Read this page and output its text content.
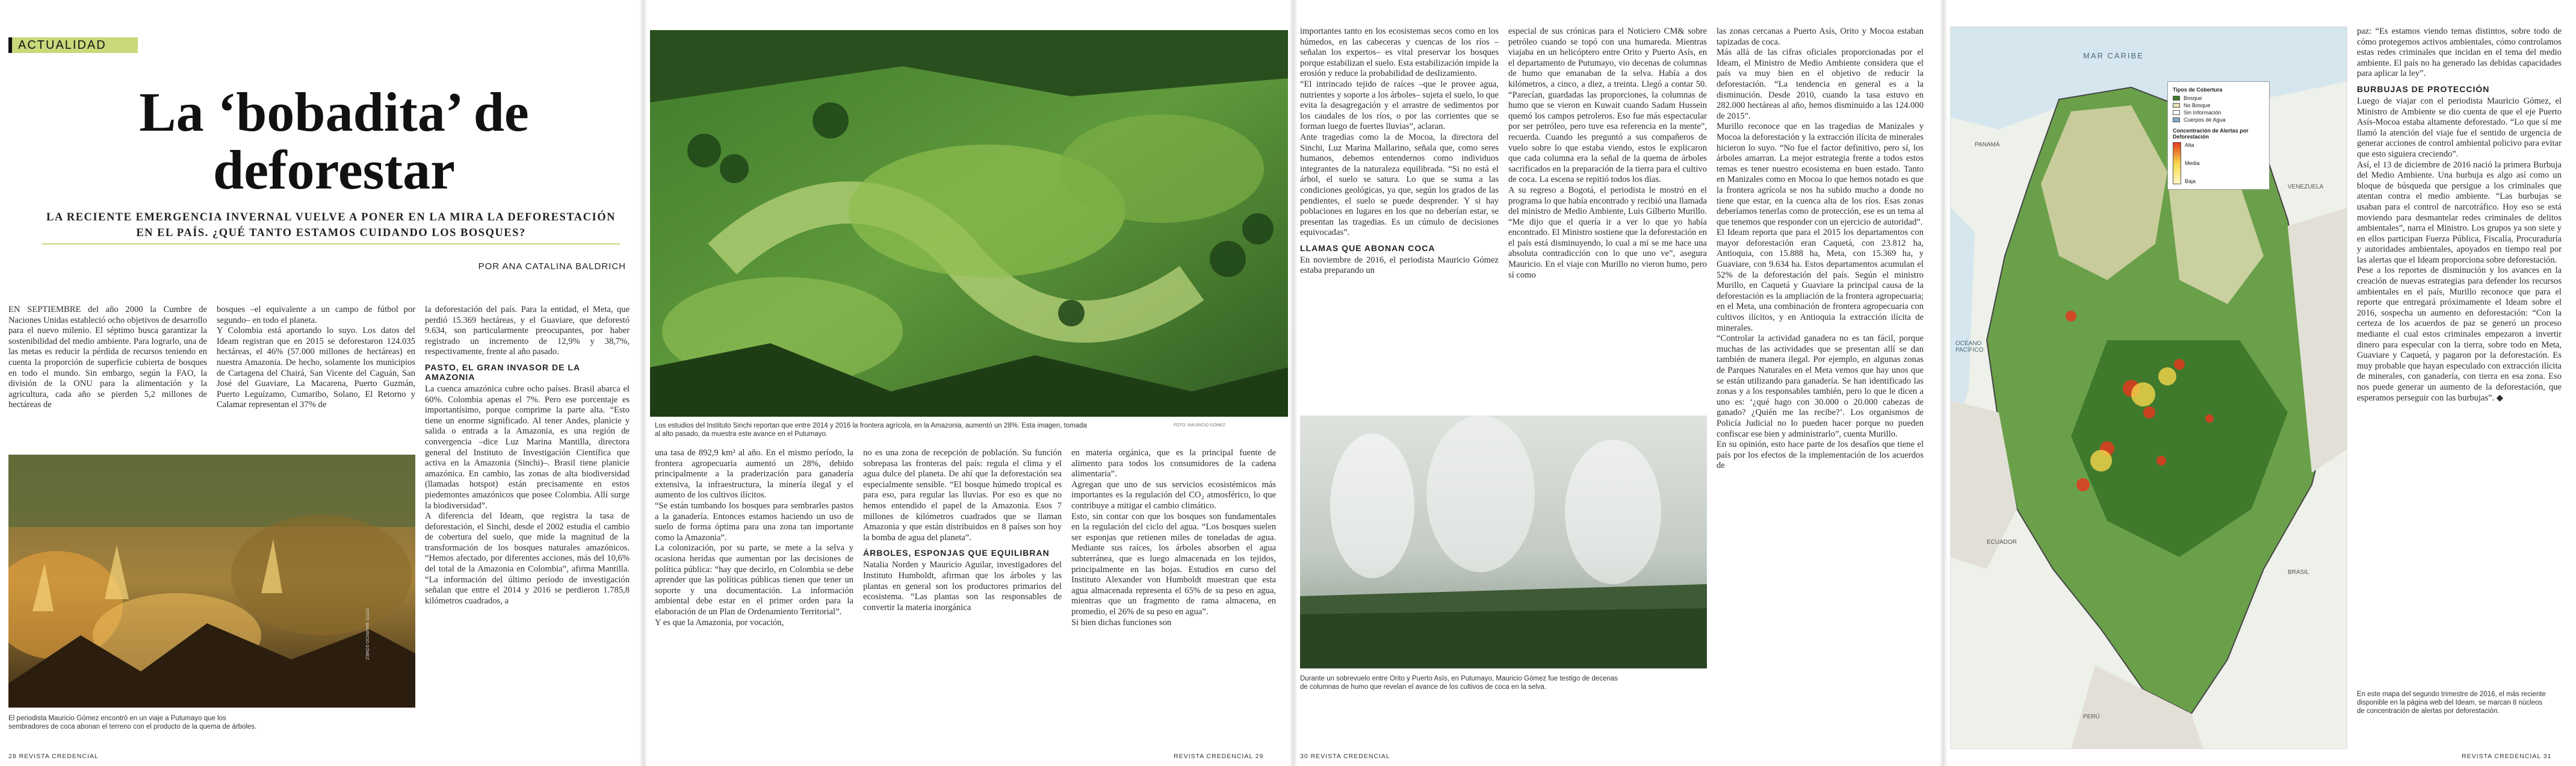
ACTUALIDAD
La ‘bobadita’ de deforestar
LA RECIENTE EMERGENCIA INVERNAL VUELVE A PONER EN LA MIRA LA DEFORESTACIÓN EN EL PAÍS. ¿QUÉ TANTO ESTAMOS CUIDANDO LOS BOSQUES?
POR ANA CATALINA BALDRICH
EN SEPTIEMBRE del año 2000 la Cumbre de Naciones Unidas estableció ocho objetivos de desarrollo para el nuevo milenio. El séptimo busca garantizar la sostenibilidad del medio ambiente. Para lograrlo, una de las metas es reducir la pérdida de recursos teniendo en cuenta la proporción de superficie cubierta de bosques en todo el mundo. Sin embargo, según la FAO, la división de la ONU para la alimentación y la agricultura, cada año se pierden 5,2 millones de hectáreas de
bosques –el equivalente a un campo de fútbol por segundo– en todo el planeta.
Y Colombia está aportando lo suyo. Los datos del Ideam registran que en 2015 se deforestaron 124.035 hectáreas, el 46% (57.000 millones de hectáreas) en nuestra Amazonia. De hecho, solamente los municipios de Cartagena del Chairá, San Vicente del Caguán, San José del Guaviare, La Macarena, Puerto Guzmán, Puerto Leguízamo, Cumaribo, Solano, El Retorno y Calamar representan el 37% de
la deforestación del país. Para la entidad, el Meta, que perdió 15.369 hectáreas, y el Guaviare, que deforestó 9.634, son particularmente preocupantes, por haber registrado un incremento de 12,9% y 38,7%, respectivamente, frente al año pasado.
PASTO, EL GRAN INVASOR DE LA AMAZONIA
La cuenca amazónica cubre ocho países. Brasil abarca el 60%. Colombia apenas el 7%. Pero ese porcentaje es importantísimo, porque comprime la parte alta. “Esto tiene un enorme significado. Al tener Andes, planicie y salida o entrada a la Amazonia, es una región de convergencia –dice Luz Marina Mantilla, directora general del Instituto de Investigación Científica que activa en la Amazonia (Sinchi)–. Brasil tiene planicie amazónica. En cambio, las zonas de alta biodiversidad (llamadas hotspot) están precisamente en estos piedemontes amazónicos que posee Colombia. Allí surge la biodiversidad”.
A diferencia del Ideam, que registra la tasa de deforestación, el Sinchi, desde el 2002 estudia el cambio de cobertura del suelo, que mide la magnitud de la transformación de los bosques naturales amazónicos. “Hemos afectado, por diferentes acciones, más del 10,6% del total de la Amazonia en Colombia”, afirma Mantilla. “La información del último período de investigación señalan que entre el 2014 y 2016 se perdieron 1.785,8 kilómetros cuadrados, a
FOTO: MAURICIO GÓMEZ
El periodista Mauricio Gómez encontró en un viaje a Putumayo que los sembradores de coca abonan el terreno con el producto de la quema de árboles.
28 REVISTA CREDENCIAL
Los estudios del Instituto Sinchi reportan que entre 2014 y 2016 la frontera agrícola, en la Amazonia, aumentó un 28%. Esta imagen, tomada al alto pasado, da muestra este avance en el Putumayo.
FOTO: MAURICIO GÓMEZ
una tasa de 892,9 km² al año. En el mismo período, la frontera agropecuaria aumentó un 28%, debido principalmente a la praderización para ganadería extensiva, la infraestructura, la minería ilegal y el aumento de los cultivos ilícitos.
“Se están tumbando los bosques para sembrarles pastos a la ganadería. Entonces estamos haciendo un uso de suelo de forma óptima para una zona tan importante como la Amazonia”.
La colonización, por su parte, se mete a la selva y ocasiona heridas que aumentan por las decisiones de política pública: “hay que decirlo, en Colombia se debe aprender que las políticas públicas tienen que tener un soporte y una documentación. La información ambiental debe estar en el primer orden para la elaboración de un Plan de Ordenamiento Territorial”.
Y es que la Amazonia, por vocación,
no es una zona de recepción de población. Su función sobrepasa las fronteras del país: regula el clima y el agua dulce del planeta. De ahí que la deforestación sea especialmente sensible. “El bosque húmedo tropical es para eso, para regular las lluvias. Por eso es que no hemos entendido el papel de la Amazonia. Esos 7 millones de kilómetros cuadrados que se llaman Amazonia y que están distribuidos en 8 países son hoy la bomba de agua del planeta”.
ÁRBOLES, ESPONJAS QUE EQUILIBRAN
Natalia Norden y Mauricio Aguilar, investigadores del Instituto Humboldt, afirman que los árboles y las plantas en general son los productores primarios del ecosistema. “Las plantas son las responsables de convertir la materia inorgánica
en materia orgánica, que es la principal fuente de alimento para todos los consumidores de la cadena alimentaria”.
Agregan que uno de sus servicios ecosistémicos más importantes es la regulación del CO₂ atmosférico, lo que contribuye a mitigar el cambio climático.
Esto, sin contar con que los bosques son fundamentales en la regulación del ciclo del agua. “Los bosques suelen ser esponjas que retienen miles de toneladas de agua. Mediante sus raíces, los árboles absorben el agua subterránea, que es luego almacenada en los tejidos, principalmente en las hojas. Estudios en curso del Instituto Alexander von Humboldt muestran que esta agua almacenada representa el 65% de su peso en agua, mientras que un fragmento de rama almacena, en promedio, el 26% de su peso en agua”.
Si bien dichas funciones son
REVISTA CREDENCIAL 29
importantes tanto en los ecosistemas secos como en los húmedos, en las cabeceras y cuencas de los ríos –señalan los expertos– es vital preservar los bosques porque estabilizan el suelo. Esta estabilización impide la erosión y reduce la probabilidad de deslizamiento.
“El intrincado tejido de raíces –que le provee agua, nutrientes y soporte a los árboles– sujeta el suelo, lo que evita la desagregación y el arrastre de sedimentos por los caudales de los ríos, o por las corrientes que se forman luego de fuertes lluvias”, aclaran.
Ante tragedias como la de Mocoa, la directora del Sinchi, Luz Marina Mallarino, señala que, como seres humanos, debemos entendernos como individuos integrantes de la naturaleza equilibrada. “Si no está el árbol, el suelo se satura. Lo que se suma a las condiciones geológicas, ya que, según los grados de las pendientes, el suelo se puede desprender. Y si hay poblaciones en lugares en los que no deberían estar, se presentan las tragedias. Es un cúmulo de decisiones equivocadas”.
LLAMAS QUE ABONAN COCA
En noviembre de 2016, el periodista Mauricio Gómez estaba preparando un
especial de sus crónicas para el Noticiero CM& sobre petróleo cuando se topó con una humareda. Mientras viajaba en un helicóptero entre Orito y Puerto Asís, en el departamento de Putumayo, vio decenas de columnas de humo que emanaban de la selva. Había a dos kilómetros, a cinco, a diez, a treinta. Llegó a contar 50. “Parecían, guardadas las proporciones, la columnas de humo que se vieron en Kuwait cuando Sadam Hussein quemó los campos petroleros. Eso fue más espectacular por ser petróleo, pero tuve esa referencia en la mente”, recuerda. Cuando les preguntó a sus compañeros de vuelo sobre lo que estaba viendo, estos le explicaron que cada columna era la señal de la quema de árboles sacrificados en la preparación de la tierra para el cultivo de coca. La escena se repitió todos los días.
A su regreso a Bogotá, el periodista le mostró en el programa lo que había encontrado y recibió una llamada del ministro de Medio Ambiente, Luis Gilberto Murillo. “Me dijo que el quería ir a ver lo que yo había encontrado. El Ministro sostiene que la deforestación en el país está disminuyendo, lo cual a mí se me hace una absoluta contradicción con lo que uno ve”, asegura Mauricio. En el viaje con Murillo no vieron humo, pero sí como
las zonas cercanas a Puerto Asís, Orito y Mocoa estaban tapizadas de coca.
Más allá de las cifras oficiales proporcionadas por el Ideam, el Ministro de Medio Ambiente considera que el país va muy bien en el objetivo de reducir la deforestación. “La tendencia en general es a la disminución. Desde 2010, cuando la tasa estuvo en 282.000 hectáreas al año, hemos disminuido a las 124.000 de 2015”.
Murillo reconoce que en las tragedias de Manizales y Mocoa la deforestación y la extracción ilícita de minerales hicieron lo suyo. “No fue el factor definitivo, pero sí, los árboles amarran. La mejor estrategia frente a todos estos temas es tener nuestro ecosistema en buen estado. Tanto en Manizales como en Mocoa lo que hemos notado es que la frontera agrícola se nos ha subido mucho a donde no tiene que estar, en la cuenca alta de los ríos. Esas zonas deberíamos tenerlas como de protección, ese es un tema al que tenemos que responder con un ejercicio de autoridad”.
El Ideam reporta que para el 2015 los departamentos con mayor deforestación eran Caquetá, con 23.812 ha, Antioquia, con 15.888 ha, Meta, con 15.369 ha, y Guaviare, con 9.634 ha. Estos departamentos acumulan el 52% de la deforestación del país. Según el ministro Murillo, en Caquetá y Guaviare la principal causa de la deforestación es la ampliación de la frontera agropecuaria; en el Meta, una combinación de frontera agropecuaria con cultivos ilícitos, y en Antioquia la extracción ilícita de minerales.
“Controlar la actividad ganadera no es tan fácil, porque muchas de las actividades que se presentan allí se dan también de manera ilegal. Por ejemplo, en algunas zonas de Parques Naturales en el Meta vemos que hay unos que se están utilizando para ganadería. Se han identificado las zonas y a los responsables también, pero lo que le dicen a uno es: ‘¿qué hago con 30.000 o 20.000 cabezas de ganado? ¿Quién me las recibe?’. Los organismos de Policía Judicial no lo pueden hacer porque no pueden confiscar ese bien y administrarlo”, cuenta Murillo.
En su opinión, esto hace parte de los desafíos que tiene el país por los efectos de la implementación de los acuerdos de
Durante un sobrevuelo entre Orito y Puerto Asís, en Putumayo, Mauricio Gómez fue testigo de decenas de columnas de humo que revelan el avance de los cultivos de coca en la selva.
30 REVISTA CREDENCIAL
MAR CARIBE
PANAMÁ
VENEZUELA
OCÉANO PACÍFICO
ECUADOR
PERÚ
BRASIL
Tipos de Cobertura
Bosque
No Bosque
Sin Información
Cuerpos de Agua
Concentración de Alertas por Deforestación
Alta
Media
Baja
paz: “Es estamos viendo temas distintos, sobre todo de cómo protegemos activos ambientales, cómo controlamos estas redes criminales que incidan en el tema del medio ambiente. El país no ha generado las debidas capacidades para aplicar la ley”.
BURBUJAS DE PROTECCIÓN
Luego de viajar con el periodista Mauricio Gómez, el Ministro de Ambiente se dio cuenta de que el eje Puerto Asís-Mocoa estaba altamente deforestado. “Lo que sí me llamó la atención del viaje fue el sentido de urgencia de generar acciones de control ambiental policivo para evitar que esto siguiera creciendo”.
Así, el 13 de diciembre de 2016 nació la primera Burbuja del Medio Ambiente. Una burbuja es algo así como un bloque de búsqueda que persigue a los criminales que atentan contra el medio ambiente. “Las burbujas se usaban para el control de narcotráfico. Hoy eso se está moviendo para desmantelar redes criminales de delitos ambientales”, narra el Ministro. Los grupos ya son siete y en ellos participan Fuerza Pública, Fiscalía, Procuraduría y autoridades ambientales, apoyados en tiempo real por las alertas que el Ideam proporciona sobre deforestación.
Pese a los reportes de disminución y los avances en la creación de nuevas estrategias para defender los recursos ambientales en el país, Murillo reconoce que para el reporte que entregará próximamente el Ideam sobre el 2016, sospecha un aumento en deforestación: “Con la certeza de los acuerdos de paz se generó un proceso mediante el cual estos criminales empezaron a invertir dinero para especular con la tierra, sobre todo en Meta, Guaviare y Caquetá, y pagaron por la deforestación. Es muy probable que hayan especulado con extracción ilícita de minerales, con ganadería, con tierra en esa zona. Eso nos puede generar un aumento de la deforestación, que esperamos perseguir con las burbujas”. ◆
En este mapa del segundo trimestre de 2016, el más reciente disponible en la página web del Ideam, se marcan 8 núcleos de concentración de alertas por deforestación.
REVISTA CREDENCIAL 31
